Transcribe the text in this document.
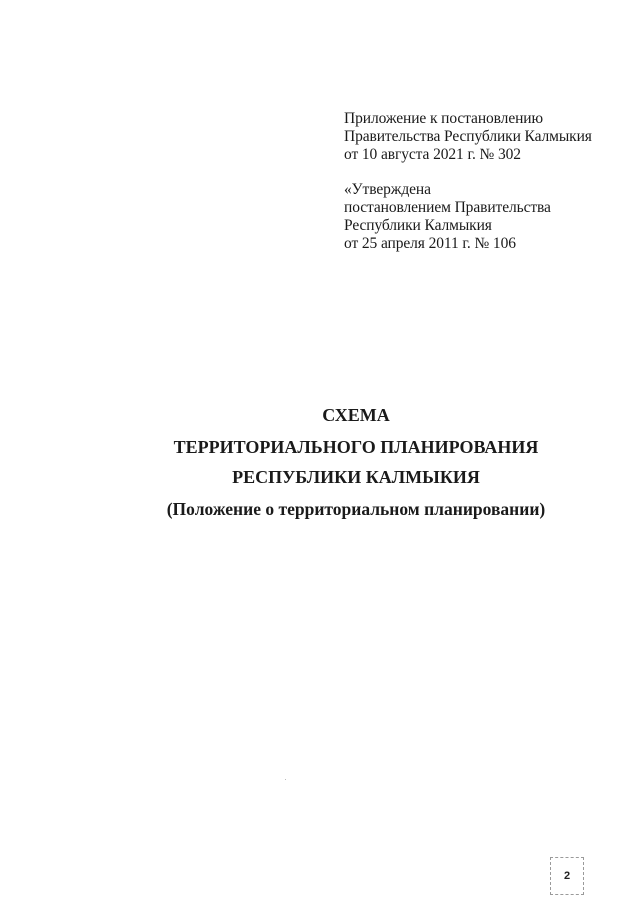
Приложение к постановлению
Правительства Республики Калмыкия
от 10 августа 2021 г. № 302
«Утверждена
постановлением Правительства
Республики Калмыкия
от 25 апреля 2011 г. № 106
СХЕМА
ТЕРРИТОРИАЛЬНОГО ПЛАНИРОВАНИЯ
РЕСПУБЛИКИ КАЛМЫКИЯ
(Положение о территориальном планировании)
2
